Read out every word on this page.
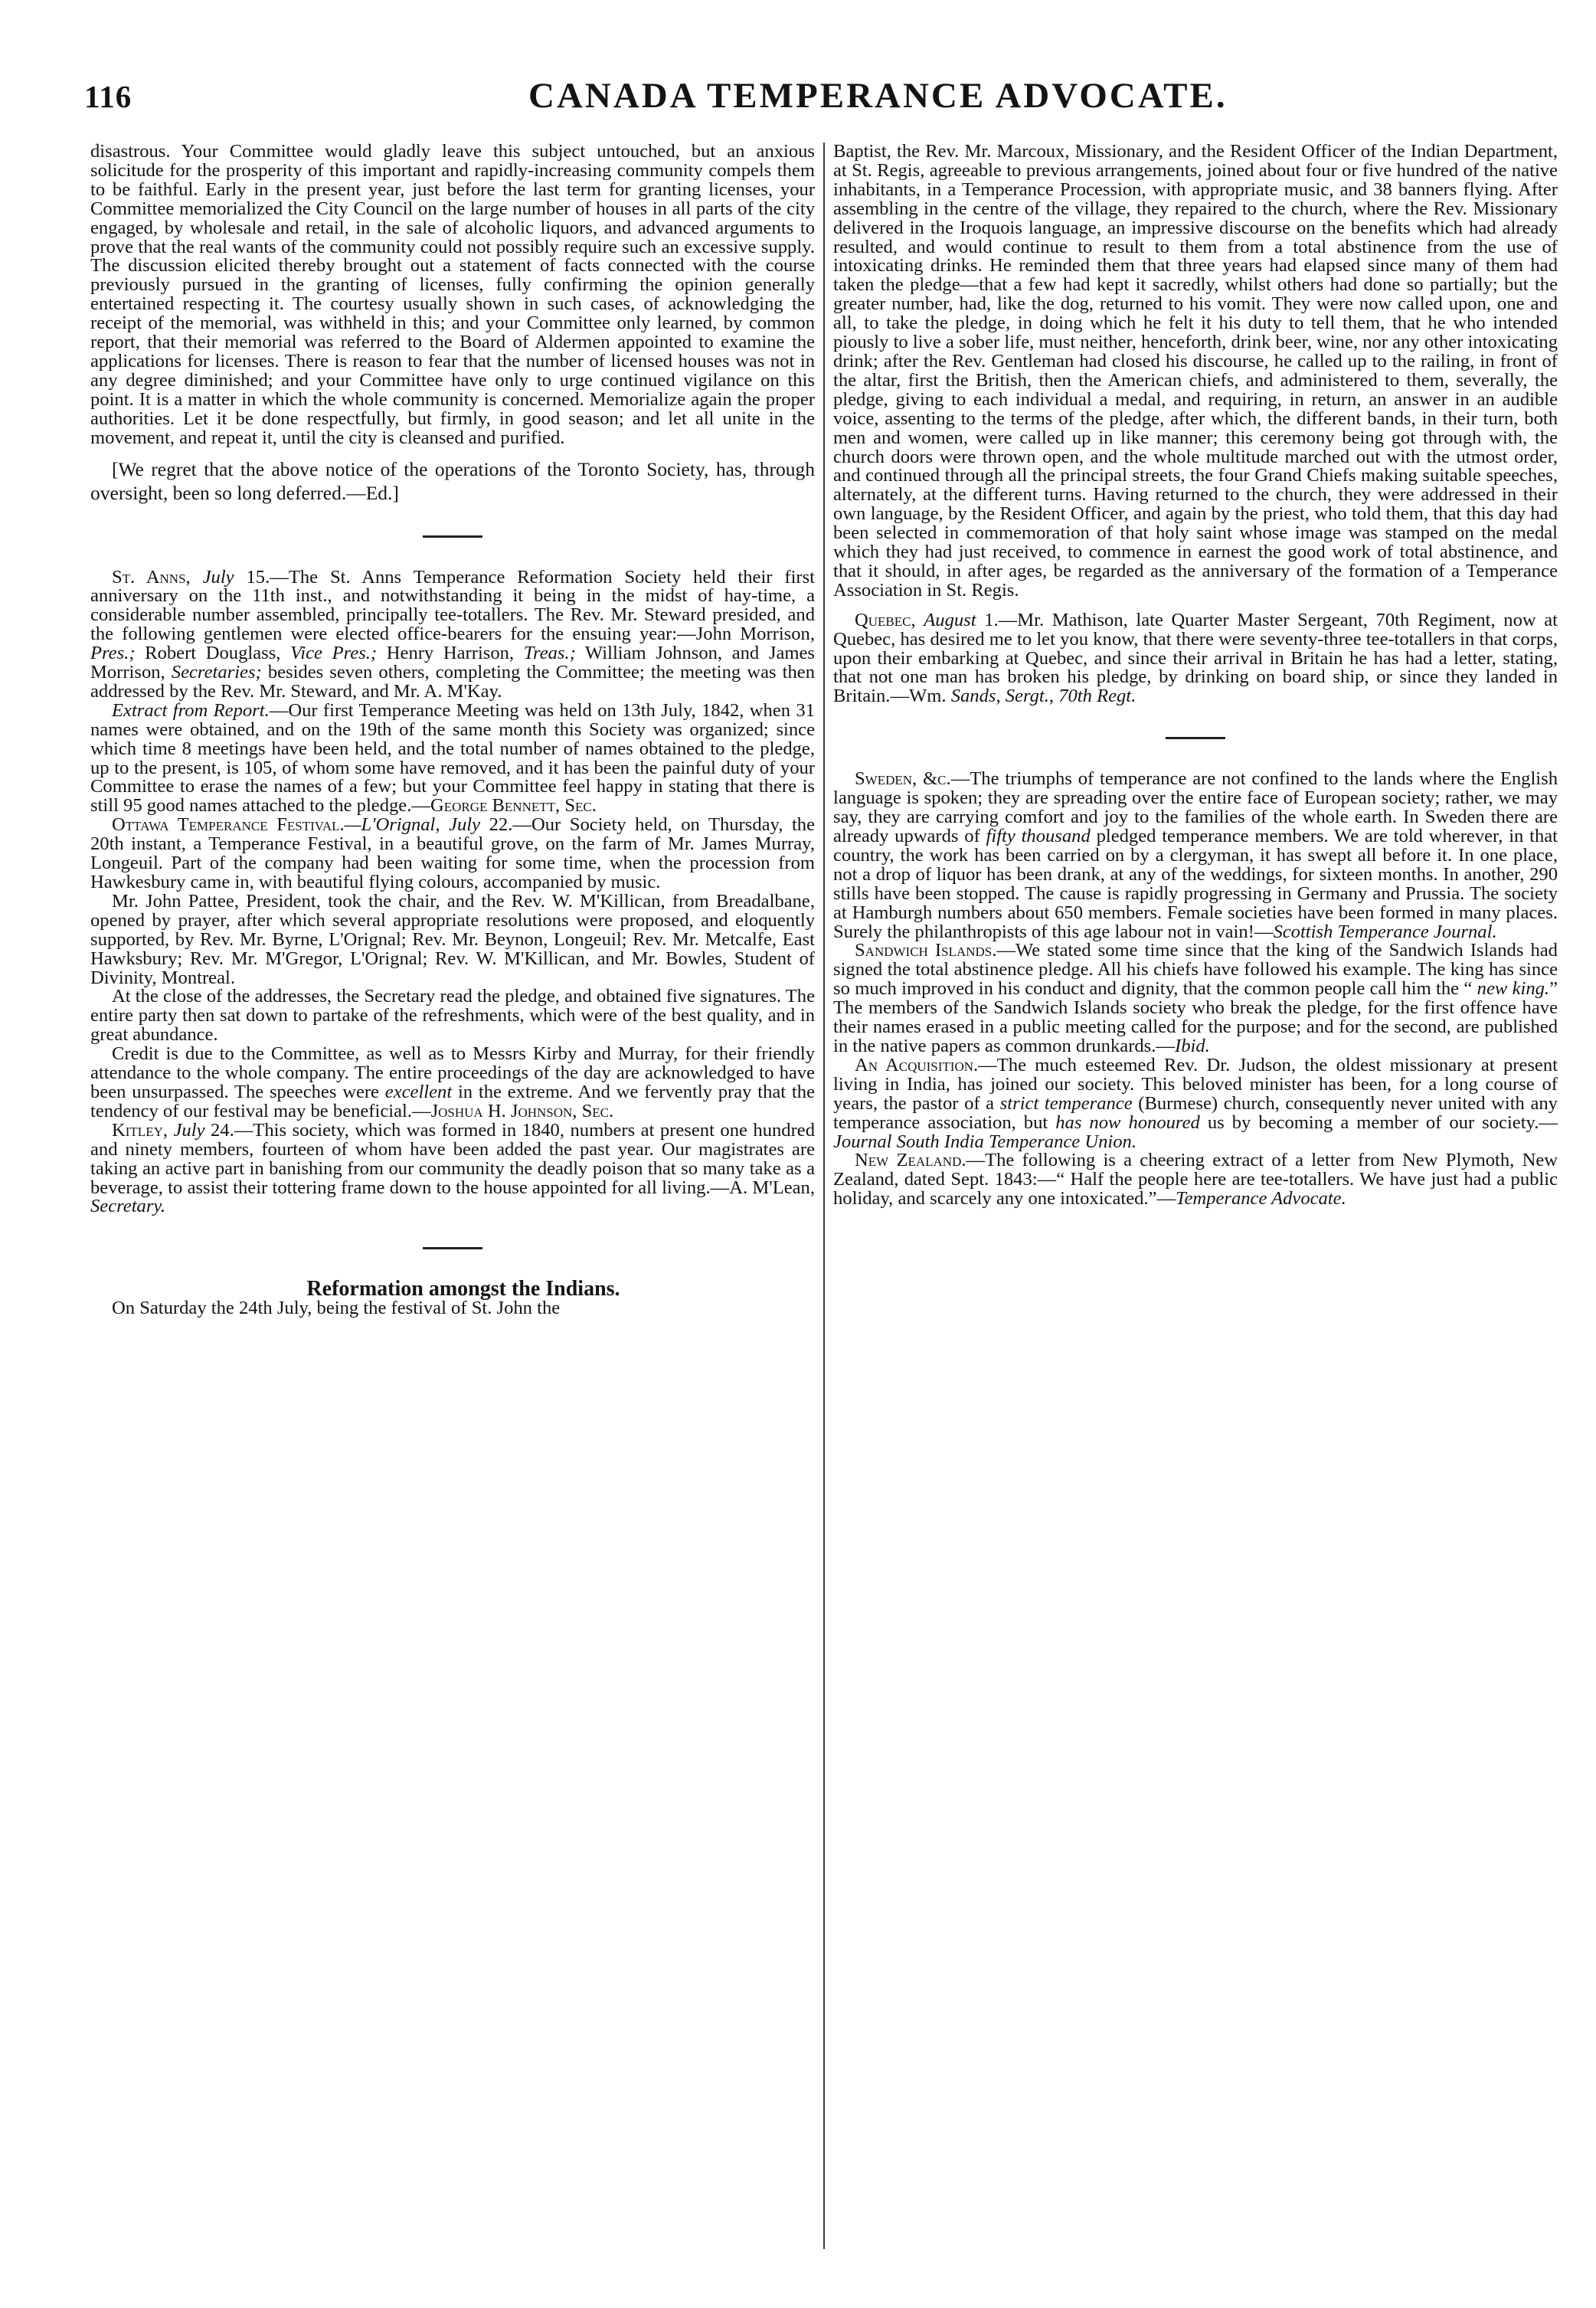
116	CANADA TEMPERANCE ADVOCATE.

disastrous. Your Committee would gladly leave this subject untouched, but an anxious solicitude for the prosperity of this important and rapidly-increasing community compels them to be faithful. Early in the present year, just before the last term for granting licenses, your Committee memorialized the City Council on the large number of houses in all parts of the city engaged, by wholesale and retail, in the sale of alcoholic liquors, and advanced arguments to prove that the real wants of the community could not possibly require such an excessive supply. The discussion elicited thereby brought out a statement of facts connected with the course previously pursued in the granting of licenses, fully confirming the opinion generally entertained respecting it. The courtesy usually shown in such cases, of acknowledging the receipt of the memorial, was withheld in this; and your Committee only learned, by common report, that their memorial was referred to the Board of Aldermen appointed to examine the applications for licenses. There is reason to fear that the number of licensed houses was not in any degree diminished; and your Committee have only to urge continued vigilance on this point. It is a matter in which the whole community is concerned. Memorialize again the proper authorities. Let it be done respectfully, but firmly, in good season; and let all unite in the movement, and repeat it, until the city is cleansed and purified.

[We regret that the above notice of the operations of the Toronto Society, has, through oversight, been so long deferred.—Ed.]

St. Anns, July 15.—The St. Anns Temperance Reformation Society held their first anniversary on the 11th inst., and notwithstanding it being in the midst of hay-time, a considerable number assembled, principally tee-totallers. The Rev. Mr. Steward presided, and the following gentlemen were elected office-bearers for the ensuing year:—John Morrison, Pres.; Robert Douglass, Vice Pres.; Henry Harrison, Treas.; William Johnson, and James Morrison, Secretaries; besides seven others, completing the Committee; the meeting was then addressed by the Rev. Mr. Steward, and Mr. A. M'Kay.

Extract from Report.—Our first Temperance Meeting was held on 13th July, 1842, when 31 names were obtained, and on the 19th of the same month this Society was organized; since which time 8 meetings have been held, and the total number of names obtained to the pledge, up to the present, is 105, of whom some have removed, and it has been the painful duty of your Committee to erase the names of a few; but your Committee feel happy in stating that there is still 95 good names attached to the pledge.—George Bennett, Sec.

Ottawa Temperance Festival.—L'Orignal, July 22.—Our Society held, on Thursday, the 20th instant, a Temperance Festival, in a beautiful grove, on the farm of Mr. James Murray, Longeuil. Part of the company had been waiting for some time, when the procession from Hawkesbury came in, with beautiful flying colours, accompanied by music.

Mr. John Pattee, President, took the chair, and the Rev. W. M'Killican, from Breadalbane, opened by prayer, after which several appropriate resolutions were proposed, and eloquently supported, by Rev. Mr. Byrne, L'Orignal; Rev. Mr. Beynon, Longeuil; Rev. Mr. Metcalfe, East Hawksbury; Rev. Mr. M'Gregor, L'Orignal; Rev. W. M'Killican, and Mr. Bowles, Student of Divinity, Montreal.

At the close of the addresses, the Secretary read the pledge, and obtained five signatures. The entire party then sat down to partake of the refreshments, which were of the best quality, and in great abundance.

Credit is due to the Committee, as well as to Messrs Kirby and Murray, for their friendly attendance to the whole company. The entire proceedings of the day are acknowledged to have been unsurpassed. The speeches were excellent in the extreme. And we fervently pray that the tendency of our festival may be beneficial.—Joshua H. Johnson, Sec.

Kitley, July 24.—This society, which was formed in 1840, numbers at present one hundred and ninety members, fourteen of whom have been added the past year. Our magistrates are taking an active part in banishing from our community the deadly poison that so many take as a beverage, to assist their tottering frame down to the house appointed for all living.—A. M'Lean, Secretary.

Reformation amongst the Indians.

On Saturday the 24th July, being the festival of St. John the

Baptist, the Rev. Mr. Marcoux, Missionary, and the Resident Officer of the Indian Department, at St. Regis, agreeable to previous arrangements, joined about four or five hundred of the native inhabitants, in a Temperance Procession, with appropriate music, and 38 banners flying. After assembling in the centre of the village, they repaired to the church, where the Rev. Missionary delivered in the Iroquois language, an impressive discourse on the benefits which had already resulted, and would continue to result to them from a total abstinence from the use of intoxicating drinks. He reminded them that three years had elapsed since many of them had taken the pledge—that a few had kept it sacredly, whilst others had done so partially; but the greater number, had, like the dog, returned to his vomit. They were now called upon, one and all, to take the pledge, in doing which he felt it his duty to tell them, that he who intended piously to live a sober life, must neither, henceforth, drink beer, wine, nor any other intoxicating drink; after the Rev. Gentleman had closed his discourse, he called up to the railing, in front of the altar, first the British, then the American chiefs, and administered to them, severally, the pledge, giving to each individual a medal, and requiring, in return, an answer in an audible voice, assenting to the terms of the pledge, after which, the different bands, in their turn, both men and women, were called up in like manner; this ceremony being got through with, the church doors were thrown open, and the whole multitude marched out with the utmost order, and continued through all the principal streets, the four Grand Chiefs making suitable speeches, alternately, at the different turns. Having returned to the church, they were addressed in their own language, by the Resident Officer, and again by the priest, who told them, that this day had been selected in commemoration of that holy saint whose image was stamped on the medal which they had just received, to commence in earnest the good work of total abstinence, and that it should, in after ages, be regarded as the anniversary of the formation of a Temperance Association in St. Regis.

Quebec, August 1.—Mr. Mathison, late Quarter Master Sergeant, 70th Regiment, now at Quebec, has desired me to let you know, that there were seventy-three tee-totallers in that corps, upon their embarking at Quebec, and since their arrival in Britain he has had a letter, stating, that not one man has broken his pledge, by drinking on board ship, or since they landed in Britain.—Wm. Sands, Sergt., 70th Regt.

Sweden, &c.—The triumphs of temperance are not confined to the lands where the English language is spoken; they are spreading over the entire face of European society; rather, we may say, they are carrying comfort and joy to the families of the whole earth. In Sweden there are already upwards of fifty thousand pledged temperance members. We are told wherever, in that country, the work has been carried on by a clergyman, it has swept all before it. In one place, not a drop of liquor has been drank, at any of the weddings, for sixteen months. In another, 290 stills have been stopped. The cause is rapidly progressing in Germany and Prussia. The society at Hamburgh numbers about 650 members. Female societies have been formed in many places. Surely the philanthropists of this age labour not in vain!—Scottish Temperance Journal.

Sandwich Islands.—We stated some time since that the king of the Sandwich Islands had signed the total abstinence pledge. All his chiefs have followed his example. The king has since so much improved in his conduct and dignity, that the common people call him the “ new king.” The members of the Sandwich Islands society who break the pledge, for the first offence have their names erased in a public meeting called for the purpose; and for the second, are published in the native papers as common drunkards.—Ibid.

An Acquisition.—The much esteemed Rev. Dr. Judson, the oldest missionary at present living in India, has joined our society. This beloved minister has been, for a long course of years, the pastor of a strict temperance (Burmese) church, consequently never united with any temperance association, but has now honoured us by becoming a member of our society.—Journal South India Temperance Union.

New Zealand.—The following is a cheering extract of a letter from New Plymoth, New Zealand, dated Sept. 1843:—“ Half the people here are tee-totallers. We have just had a public holiday, and scarcely any one intoxicated.”—Temperance Advocate.
